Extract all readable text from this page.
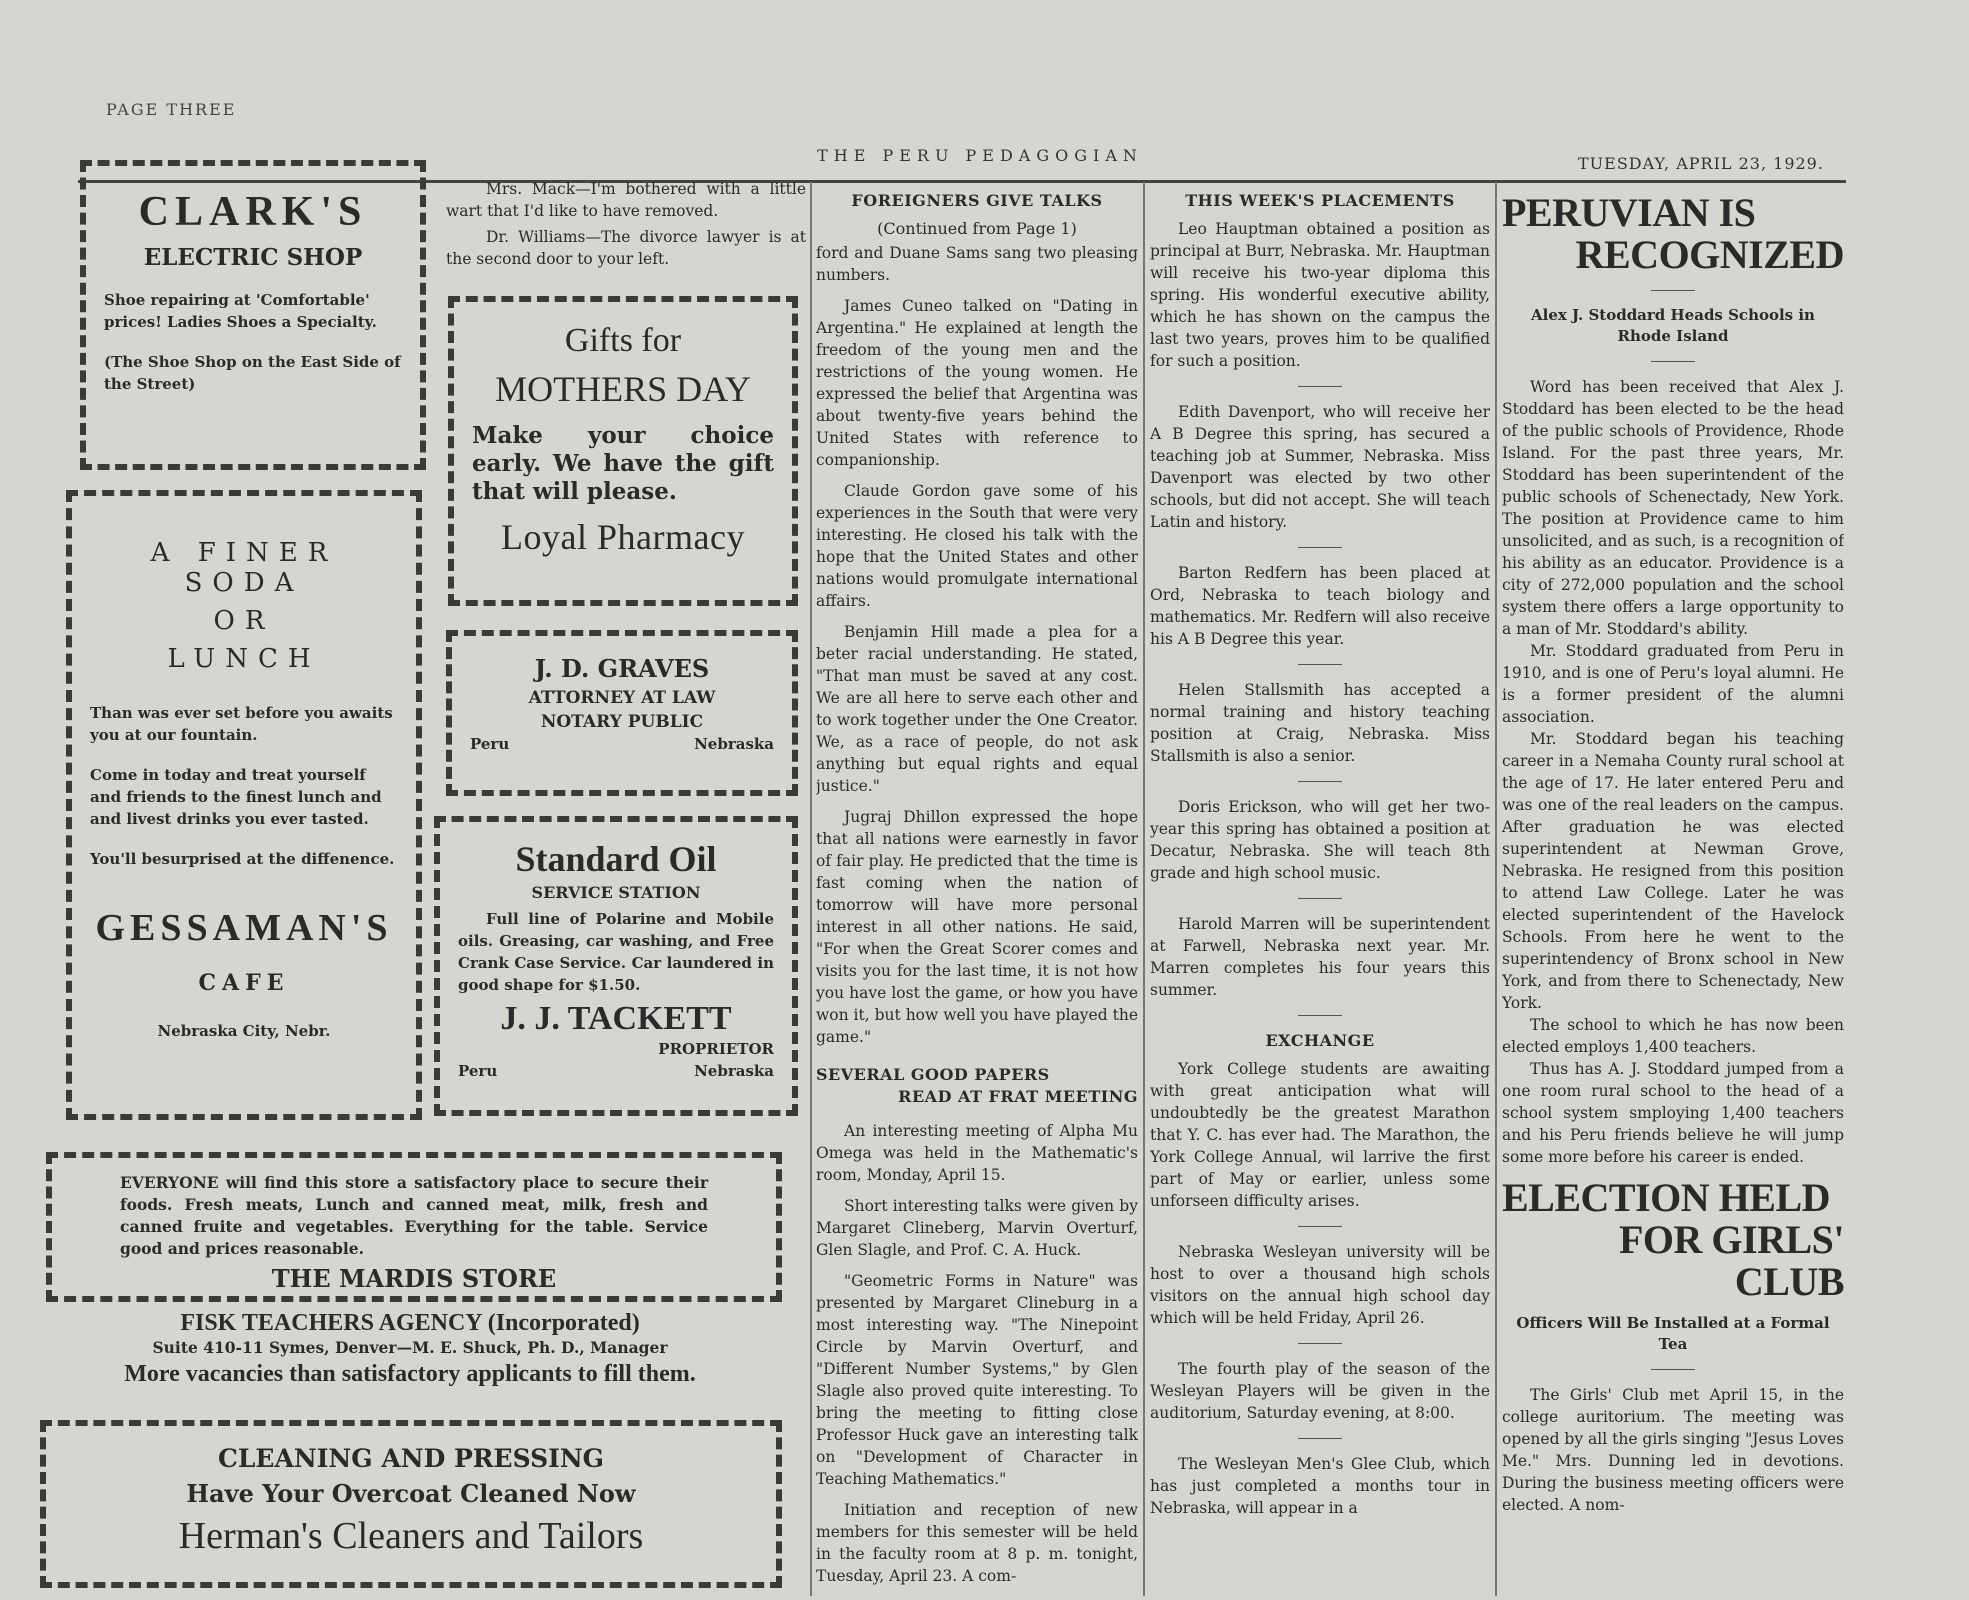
PAGE THREE
THE PERU PEDAGOGIAN	TUESDAY, APRIL 23, 1929.
CLARK'S
ELECTRIC SHOP
Shoe repairing at 'Comfortable' prices! Ladies Shoes a Specialty.
(The Shoe Shop on the East Side of the Street)
A FINER SODA
OR
LUNCH
Than was ever set before you awaits you at our fountain.
Come in today and treat yourself and friends to the finest lunch and and livest drinks you ever tasted.
You'll besurprised at the diffenence.
GESSAMAN'S
CAFE
Nebraska City, Nebr.

Mrs. Mack—I'm bothered with a little wart that I'd like to have removed.

Dr. Williams—The divorce lawyer is at the second door to your left.

Gifts for
MOTHERS DAY
Make your choice early. We have the gift that will please.
Loyal Pharmacy
J. D. GRAVES
ATTORNEY AT LAW
NOTARY PUBLIC
Peru	Nebraska
Standard Oil
SERVICE STATION
Full line of Polarine and Mobile oils. Greasing, car washing, and Free Crank Case Service. Car laundered in good shape for $1.50.
J. J. TACKETT
PROPRIETOR
Peru	Nebraska
EVERYONE will find this store a satisfactory place to secure their foods. Fresh meats, Lunch and canned meat, milk, fresh and canned fruite and vegetables. Everything for the table. Service good and prices reasonable.
THE MARDIS STORE
FISK TEACHERS AGENCY (Incorporated)
Suite 410-11 Symes, Denver—M. E. Shuck, Ph. D., Manager
More vacancies than satisfactory applicants to fill them.
CLEANING AND PRESSING
Have Your Overcoat Cleaned Now
Herman's Cleaners and Tailors
FOREIGNERS GIVE TALKS
(Continued from Page 1)

ford and Duane Sams sang two pleasing numbers.

James Cuneo talked on "Dating in Argentina." He explained at length the freedom of the young men and the restrictions of the young women. He expressed the belief that Argentina was about twenty-five years behind the United States with reference to companionship.

Claude Gordon gave some of his experiences in the South that were very interesting. He closed his talk with the hope that the United States and other nations would promulgate international affairs.

Benjamin Hill made a plea for a beter racial understanding. He stated, "That man must be saved at any cost. We are all here to serve each other and to work together under the One Creator. We, as a race of people, do not ask anything but equal rights and equal justice."

Jugraj Dhillon expressed the hope that all nations were earnestly in favor of fair play. He predicted that the time is fast coming when the nation of tomorrow will have more personal interest in all other nations. He said, "For when the Great Scorer comes and visits you for the last time, it is not how you have lost the game, or how you have won it, but how well you have played the game."

SEVERAL GOOD PAPERS
READ AT FRAT MEETING

An interesting meeting of Alpha Mu Omega was held in the Mathematic's room, Monday, April 15.

Short interesting talks were given by Margaret Clineberg, Marvin Overturf, Glen Slagle, and Prof. C. A. Huck.

"Geometric Forms in Nature" was presented by Margaret Clineburg in a most interesting way. "The Ninepoint Circle by Marvin Overturf, and "Different Number Systems," by Glen Slagle also proved quite interesting. To bring the meeting to fitting close Professor Huck gave an interesting talk on "Development of Character in Teaching Mathematics."

Initiation and reception of new members for this semester will be held in the faculty room at 8 p. m. tonight, Tuesday, April 23. A com-

THIS WEEK'S PLACEMENTS

Leo Hauptman obtained a position as principal at Burr, Nebraska. Mr. Hauptman will receive his two-year diploma this spring. His wonderful executive ability, which he has shown on the campus the last two years, proves him to be qualified for such a position.

Edith Davenport, who will receive her A B Degree this spring, has secured a teaching job at Summer, Nebraska. Miss Davenport was elected by two other schools, but did not accept. She will teach Latin and history.

Barton Redfern has been placed at Ord, Nebraska to teach biology and mathematics. Mr. Redfern will also receive his A B Degree this year.

Helen Stallsmith has accepted a normal training and history teaching position at Craig, Nebraska. Miss Stallsmith is also a senior.

Doris Erickson, who will get her two-year this spring has obtained a position at Decatur, Nebraska. She will teach 8th grade and high school music.

Harold Marren will be superintendent at Farwell, Nebraska next year. Mr. Marren completes his four years this summer.

EXCHANGE

York College students are awaiting with great anticipation what will undoubtedly be the greatest Marathon that Y. C. has ever had. The Marathon, the York College Annual, wil larrive the first part of May or earlier, unless some unforseen difficulty arises.

Nebraska Wesleyan university will be host to over a thousand high schols visitors on the annual high school day which will be held Friday, April 26.

The fourth play of the season of the Wesleyan Players will be given in the auditorium, Saturday evening, at 8:00.

The Wesleyan Men's Glee Club, which has just completed a months tour in Nebraska, will appear in a

PERUVIAN IS
RECOGNIZED
Alex J. Stoddard Heads Schools in Rhode Island

Word has been received that Alex J. Stoddard has been elected to be the head of the public schools of Providence, Rhode Island. For the past three years, Mr. Stoddard has been superintendent of the public schools of Schenectady, New York. The position at Providence came to him unsolicited, and as such, is a recognition of his ability as an educator. Providence is a city of 272,000 population and the school system there offers a large opportunity to a man of Mr. Stoddard's ability.

Mr. Stoddard graduated from Peru in 1910, and is one of Peru's loyal alumni. He is a former president of the alumni association.

Mr. Stoddard began his teaching career in a Nemaha County rural school at the age of 17. He later entered Peru and was one of the real leaders on the campus. After graduation he was elected superintendent at Newman Grove, Nebraska. He resigned from this position to attend Law College. Later he was elected superintendent of the Havelock Schools. From here he went to the superintendency of Bronx school in New York, and from there to Schenectady, New York.

The school to which he has now been elected employs 1,400 teachers.

Thus has A. J. Stoddard jumped from a one room rural school to the head of a school system smploying 1,400 teachers and his Peru friends believe he will jump some more before his career is ended.

ELECTION HELD
FOR GIRLS' CLUB
Officers Will Be Installed at a Formal Tea

The Girls' Club met April 15, in the college auritorium. The meeting was opened by all the girls singing "Jesus Loves Me." Mrs. Dunning led in devotions. During the business meeting officers were elected. A nom-
